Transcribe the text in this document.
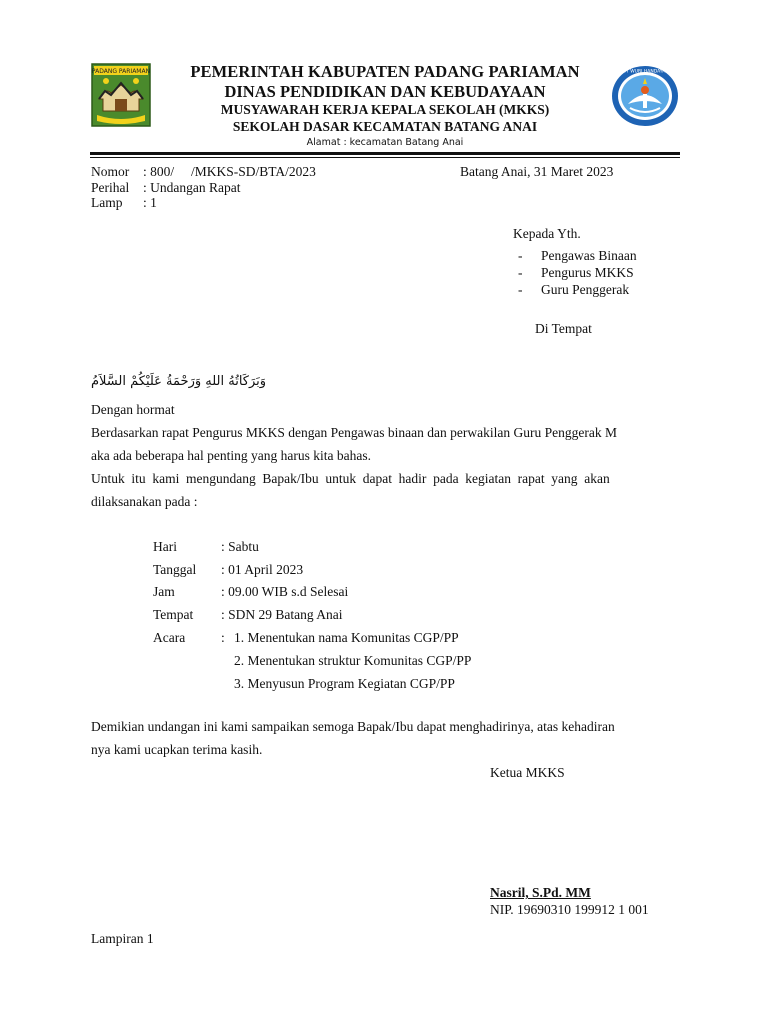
PADANG PARIAMAN	PEMERINTAH KABUPATEN PADANG PARIAMAN
DINAS PENDIDIKAN DAN KEBUDAYAAN
MUSYAWARAH KERJA KEPALA SEKOLAH (MKKS)
SEKOLAH DASAR KECAMATAN BATANG ANAI
Alamat : kecamatan Batang Anai
TUT WURI HANDAYANI
Nomor : 800/     /MKKS-SD/BTA/2023	Batang Anai, 31 Maret 2023
Perihal : Undangan Rapat
Lamp : 1
Kepada Yth.
- Pengawas Binaan
- Pengurus MKKS
- Guru Penggerak
Di Tempat
وَبَرَكَاتُهُ اللهِ وَرَحْمَةُ عَلَيْكُمْ السَّلاَمُ
Dengan hormat
Berdasarkan rapat Pengurus MKKS dengan Pengawas binaan dan perwakilan Guru Penggerak M
aka ada beberapa hal penting yang harus kita bahas.
Untuk itu kami mengundang Bapak/Ibu untuk dapat hadir pada kegiatan rapat yang akan
dilaksanakan pada :
Hari	: Sabtu
Tanggal : 01 April 2023
Jam	: 09.00 WIB s.d Selesai
Tempat : SDN 29 Batang Anai
Acara	: 1. Menentukan nama Komunitas CGP/PP
2. Menentukan struktur Komunitas CGP/PP
3. Menyusun Program Kegiatan CGP/PP
Demikian undangan ini kami sampaikan semoga Bapak/Ibu dapat menghadirinya, atas kehadiran
nya kami ucapkan terima kasih.
Ketua MKKS
Nasril, S.Pd. MM
NIP. 19690310 199912 1 001
Lampiran 1
